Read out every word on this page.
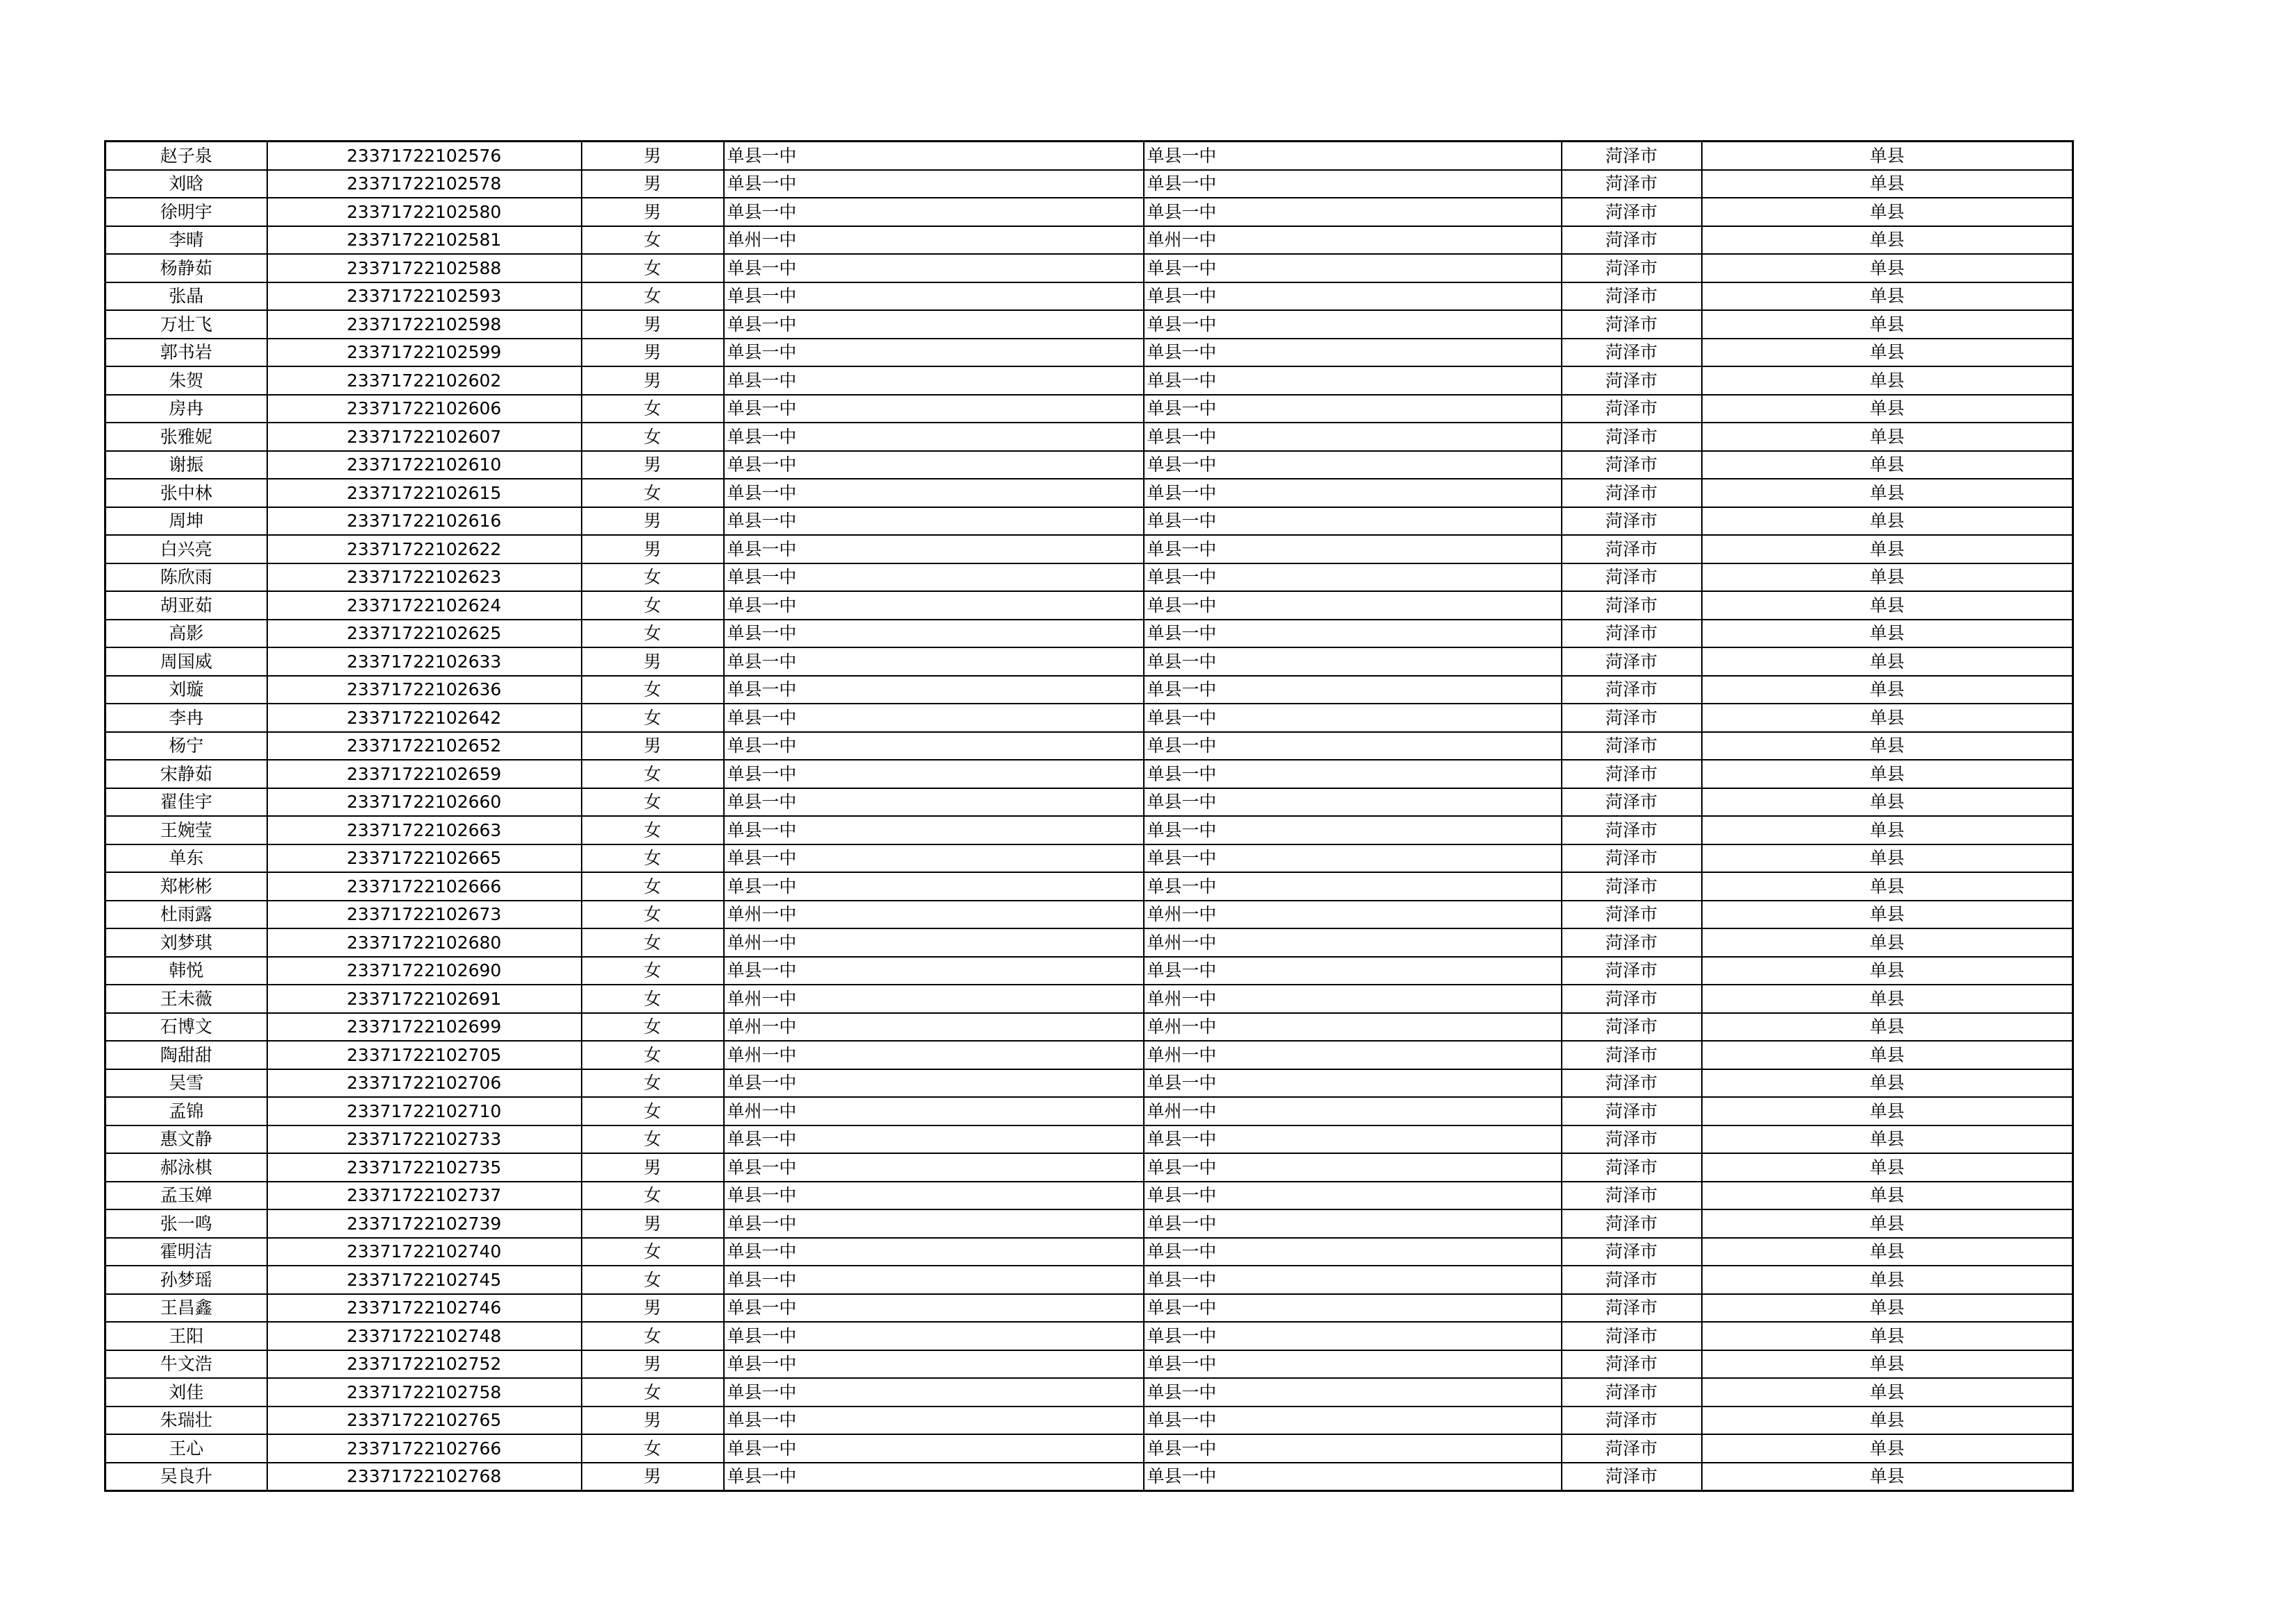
赵子泉	23371722102576	男	单县一中	单县一中	菏泽市	单县
刘晗	23371722102578	男	单县一中	单县一中	菏泽市	单县
徐明宇	23371722102580	男	单县一中	单县一中	菏泽市	单县
李晴	23371722102581	女	单州一中	单州一中	菏泽市	单县
杨静茹	23371722102588	女	单县一中	单县一中	菏泽市	单县
张晶	23371722102593	女	单县一中	单县一中	菏泽市	单县
万壮飞	23371722102598	男	单县一中	单县一中	菏泽市	单县
郭书岩	23371722102599	男	单县一中	单县一中	菏泽市	单县
朱贺	23371722102602	男	单县一中	单县一中	菏泽市	单县
房冉	23371722102606	女	单县一中	单县一中	菏泽市	单县
张雅妮	23371722102607	女	单县一中	单县一中	菏泽市	单县
谢振	23371722102610	男	单县一中	单县一中	菏泽市	单县
张中林	23371722102615	女	单县一中	单县一中	菏泽市	单县
周坤	23371722102616	男	单县一中	单县一中	菏泽市	单县
白兴亮	23371722102622	男	单县一中	单县一中	菏泽市	单县
陈欣雨	23371722102623	女	单县一中	单县一中	菏泽市	单县
胡亚茹	23371722102624	女	单县一中	单县一中	菏泽市	单县
高影	23371722102625	女	单县一中	单县一中	菏泽市	单县
周国威	23371722102633	男	单县一中	单县一中	菏泽市	单县
刘璇	23371722102636	女	单县一中	单县一中	菏泽市	单县
李冉	23371722102642	女	单县一中	单县一中	菏泽市	单县
杨宁	23371722102652	男	单县一中	单县一中	菏泽市	单县
宋静茹	23371722102659	女	单县一中	单县一中	菏泽市	单县
翟佳宇	23371722102660	女	单县一中	单县一中	菏泽市	单县
王婉莹	23371722102663	女	单县一中	单县一中	菏泽市	单县
单东	23371722102665	女	单县一中	单县一中	菏泽市	单县
郑彬彬	23371722102666	女	单县一中	单县一中	菏泽市	单县
杜雨露	23371722102673	女	单州一中	单州一中	菏泽市	单县
刘梦琪	23371722102680	女	单州一中	单州一中	菏泽市	单县
韩悦	23371722102690	女	单县一中	单县一中	菏泽市	单县
王未薇	23371722102691	女	单州一中	单州一中	菏泽市	单县
石博文	23371722102699	女	单州一中	单州一中	菏泽市	单县
陶甜甜	23371722102705	女	单州一中	单州一中	菏泽市	单县
吴雪	23371722102706	女	单县一中	单县一中	菏泽市	单县
孟锦	23371722102710	女	单州一中	单州一中	菏泽市	单县
惠文静	23371722102733	女	单县一中	单县一中	菏泽市	单县
郝泳棋	23371722102735	男	单县一中	单县一中	菏泽市	单县
孟玉婵	23371722102737	女	单县一中	单县一中	菏泽市	单县
张一鸣	23371722102739	男	单县一中	单县一中	菏泽市	单县
霍明洁	23371722102740	女	单县一中	单县一中	菏泽市	单县
孙梦瑶	23371722102745	女	单县一中	单县一中	菏泽市	单县
王昌鑫	23371722102746	男	单县一中	单县一中	菏泽市	单县
王阳	23371722102748	女	单县一中	单县一中	菏泽市	单县
牛文浩	23371722102752	男	单县一中	单县一中	菏泽市	单县
刘佳	23371722102758	女	单县一中	单县一中	菏泽市	单县
朱瑞壮	23371722102765	男	单县一中	单县一中	菏泽市	单县
王心	23371722102766	女	单县一中	单县一中	菏泽市	单县
吴良升	23371722102768	男	单县一中	单县一中	菏泽市	单县
